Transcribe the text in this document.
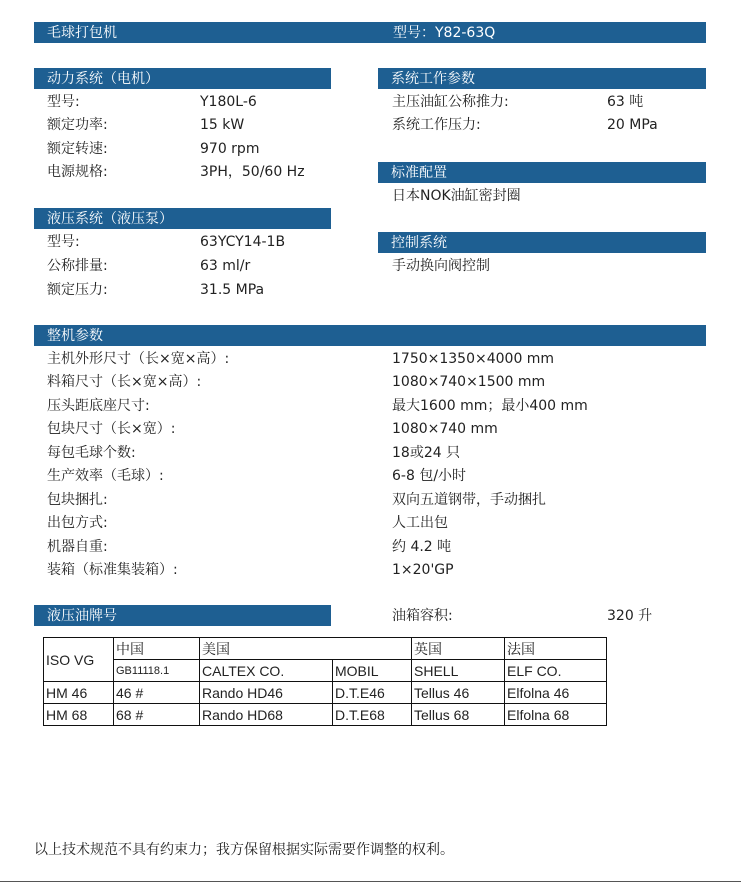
毛球打包机	型号：Y82-63Q
动力系统（电机）
型号:	Y180L-6
额定功率:	15 kW
额定转速:	970 rpm
电源规格:	3PH，50/60 Hz
系统工作参数
主压油缸公称推力:	63 吨
系统工作压力:	20 MPa
标准配置
日本NOK油缸密封圈
液压系统（液压泵）
型号:	63YCY14-1B
公称排量:	63 ml/r
额定压力:	31.5 MPa
控制系统
手动换向阀控制
整机参数
主机外形尺寸（长×宽×高）:	1750×1350×4000 mm
料箱尺寸（长×宽×高）:	1080×740×1500 mm
压头距底座尺寸:	最大1600 mm；最小400 mm
包块尺寸（长×宽）:	1080×740 mm
每包毛球个数:	18或24 只
生产效率（毛球）:	6-8 包/小时
包块捆扎:	双向五道钢带，手动捆扎
出包方式:	人工出包
机器自重:	约 4.2 吨
装箱（标准集装箱）:	1×20'GP
液压油牌号	油箱容积:	320 升
ISO VG	中国	美国		英国	法国
	GB11118.1	CALTEX CO.	MOBIL	SHELL	ELF CO.
HM 46	46 #	Rando HD46	D.T.E46	Tellus 46	Elfolna 46
HM 68	68 #	Rando HD68	D.T.E68	Tellus 68	Elfolna 68
以上技术规范不具有约束力；我方保留根据实际需要作调整的权利。
